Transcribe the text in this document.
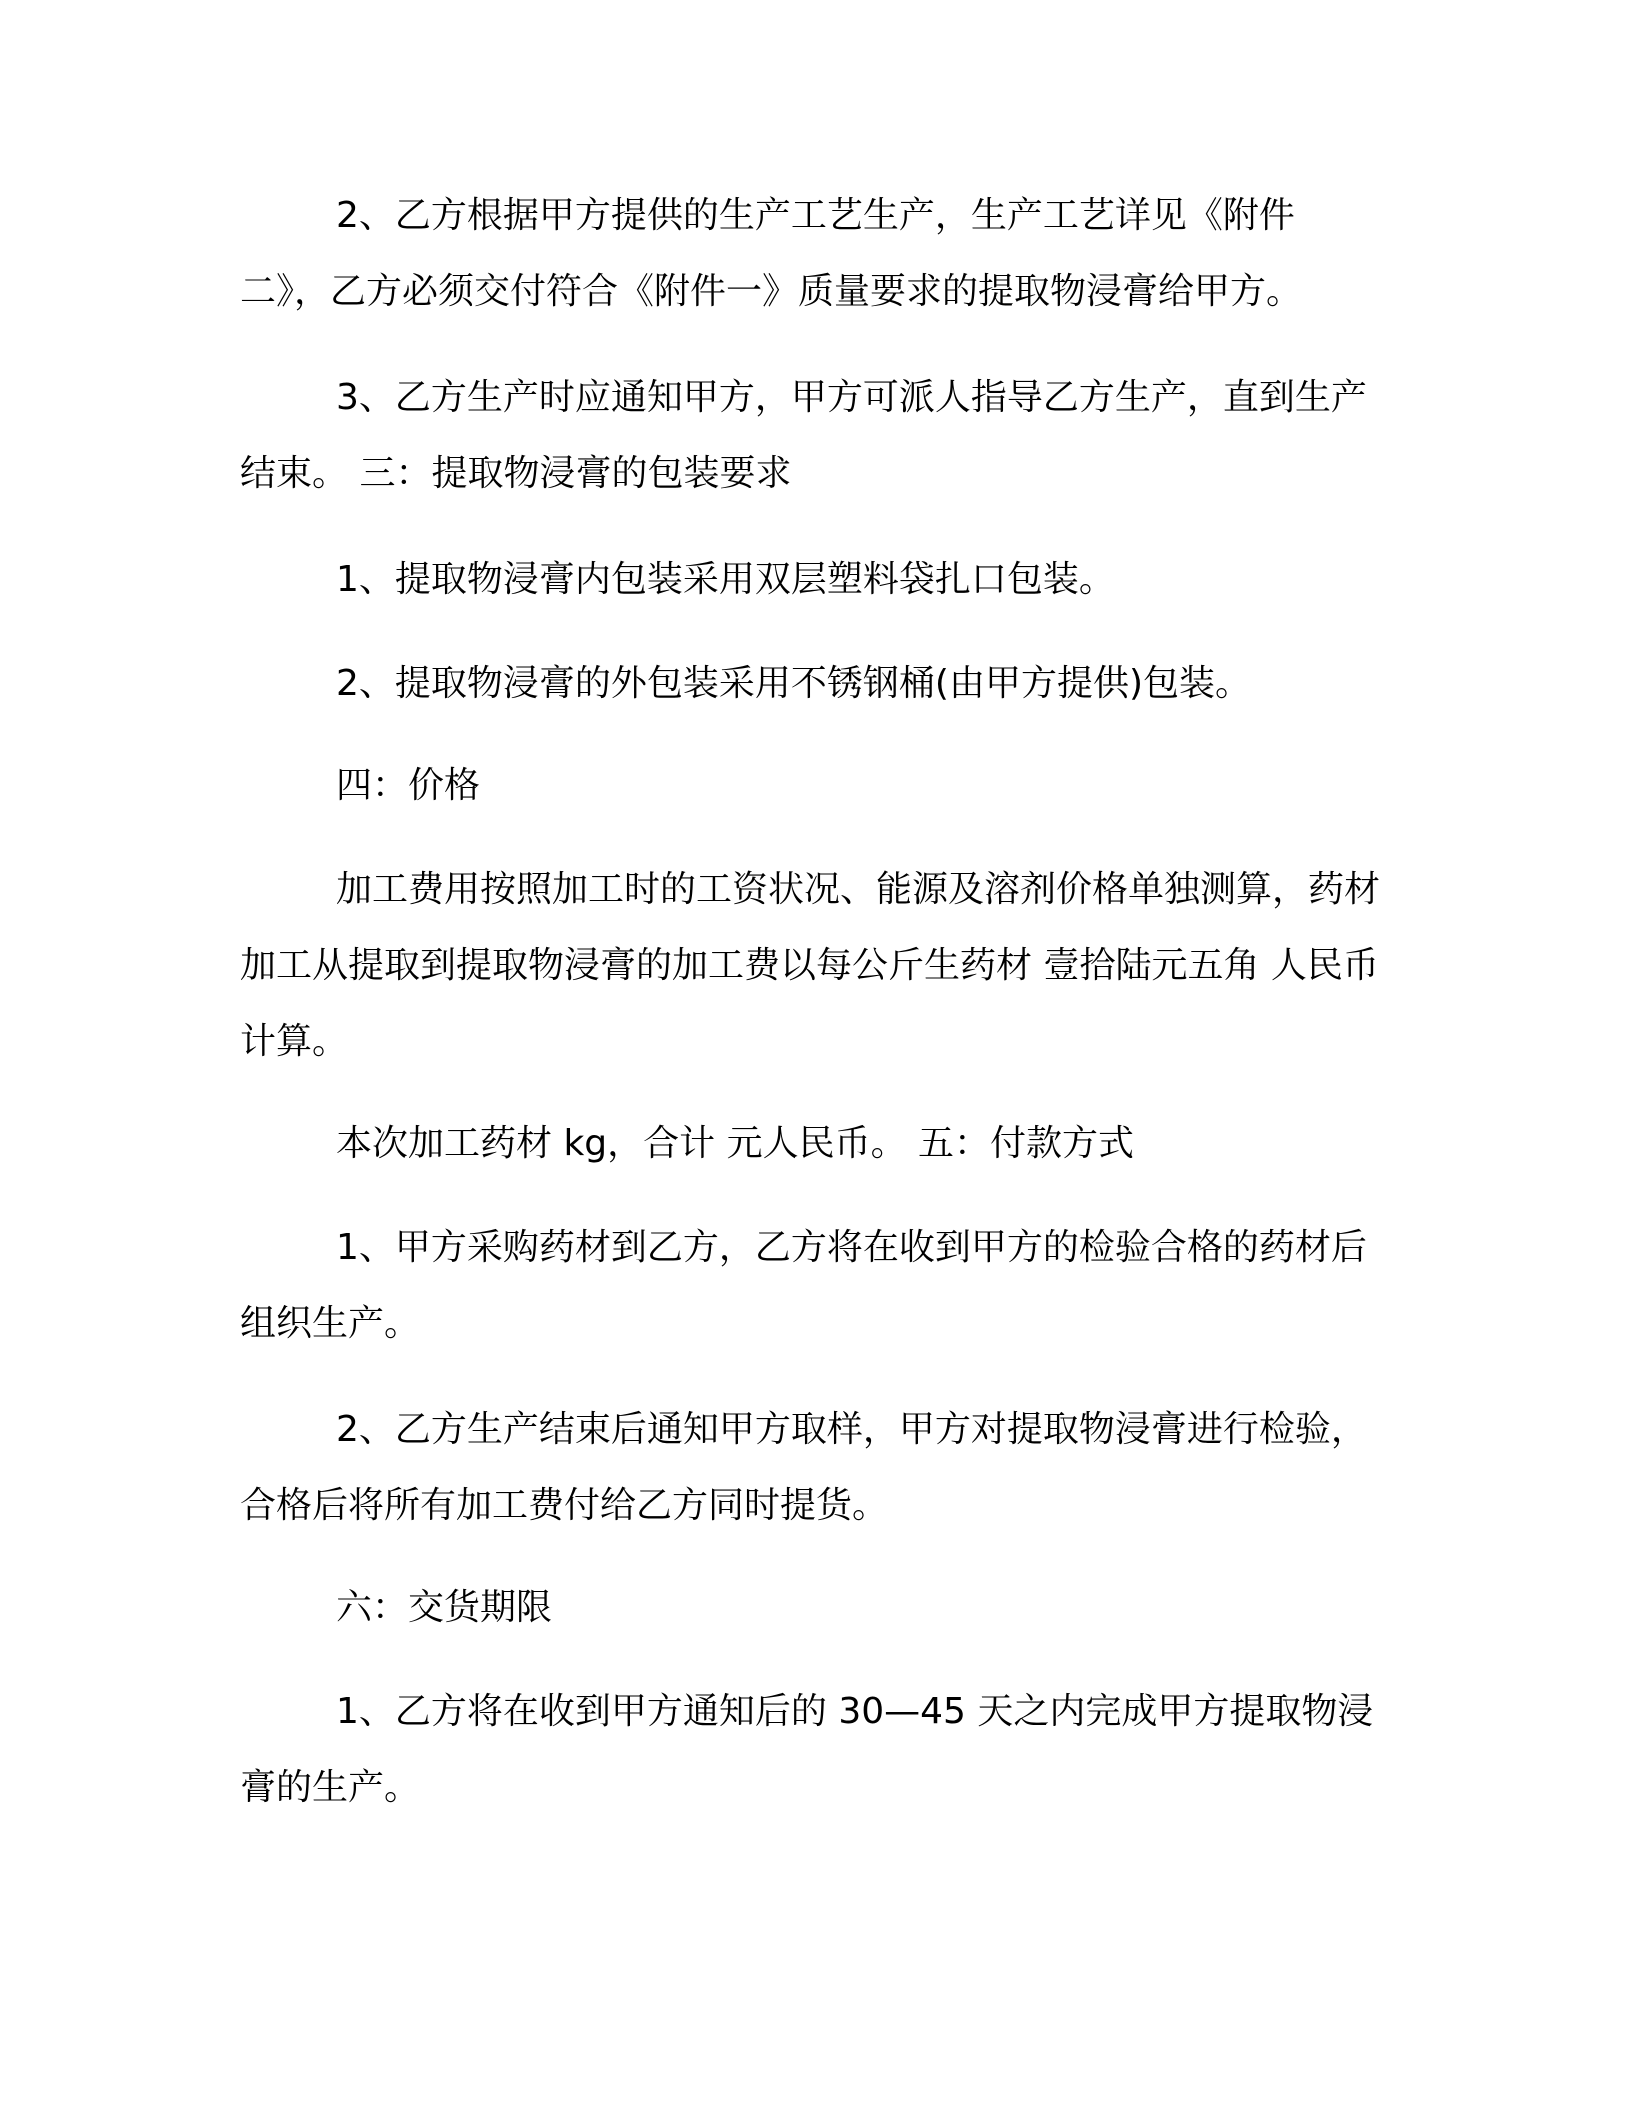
2、乙方根据甲方提供的生产工艺生产，生产工艺详见《附件二》，乙方必须交付符合《附件一》质量要求的提取物浸膏给甲方。

3、乙方生产时应通知甲方，甲方可派人指导乙方生产，直到生产结束。 三：提取物浸膏的包装要求

1、提取物浸膏内包装采用双层塑料袋扎口包装。

2、提取物浸膏的外包装采用不锈钢桶(由甲方提供)包装。

四：价格

加工费用按照加工时的工资状况、能源及溶剂价格单独测算，药材加工从提取到提取物浸膏的加工费以每公斤生药材 壹拾陆元五角 人民币计算。

本次加工药材 kg，合计 元人民币。 五：付款方式

1、甲方采购药材到乙方，乙方将在收到甲方的检验合格的药材后组织生产。

2、乙方生产结束后通知甲方取样，甲方对提取物浸膏进行检验，合格后将所有加工费付给乙方同时提货。

六：交货期限

1、乙方将在收到甲方通知后的 30—45 天之内完成甲方提取物浸膏的生产。
